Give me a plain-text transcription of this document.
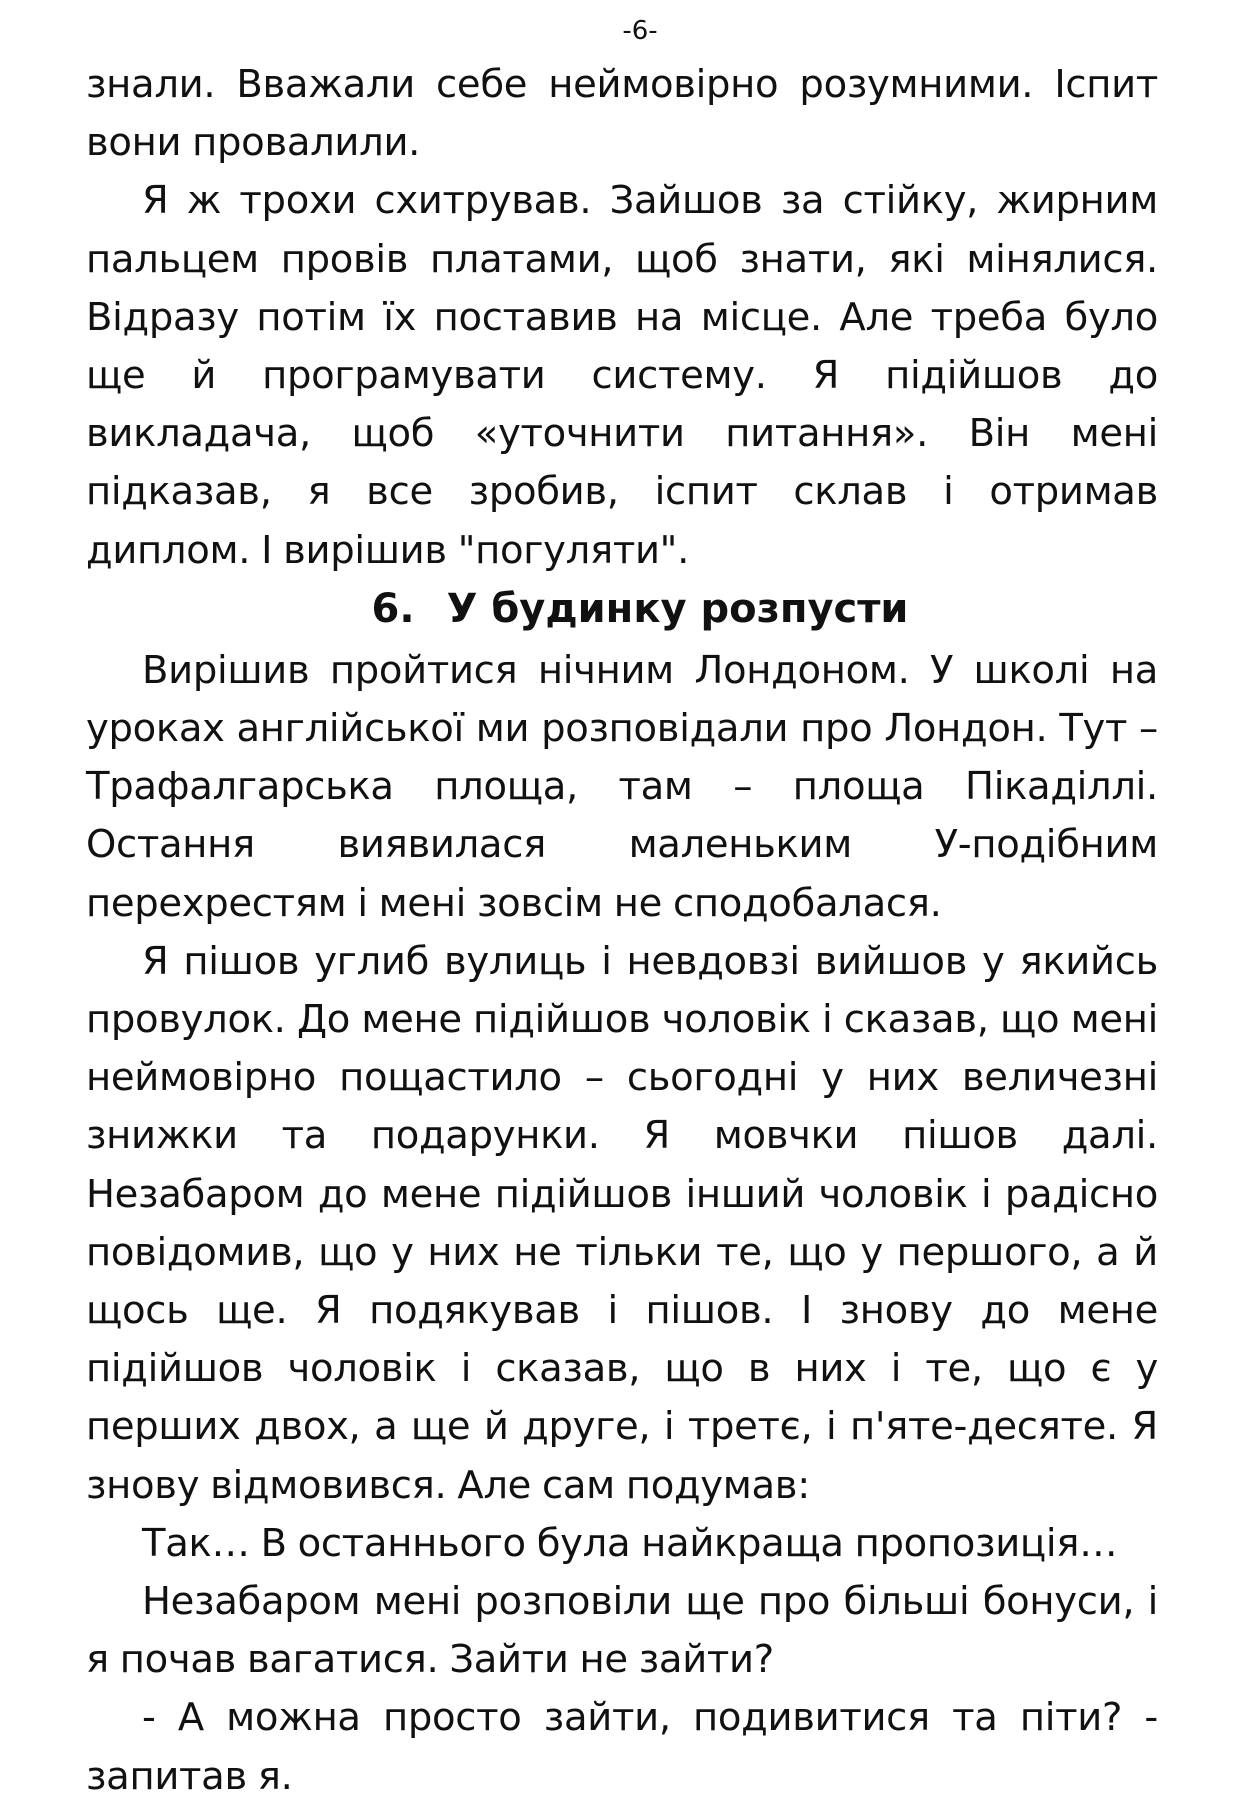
-6-

знали. Вважали себе неймовірно розумними. Іспит вони провалили.

Я ж трохи схитрував. Зайшов за стійку, жирним пальцем провів платами, щоб знати, які мінялися. Відразу потім їх поставив на місце. Але треба було ще й програмувати систему. Я підійшов до викладача, щоб «уточнити питання». Він мені підказав, я все зробив, іспит склав і отримав диплом. І вирішив "погуляти".

6. У будинку розпусти

Вирішив пройтися нічним Лондоном. У школі на уроках англійської ми розповідали про Лондон. Тут – Трафалгарська площа, там – площа Пікаділлі. Остання виявилася маленьким У-подібним перехрестям і мені зовсім не сподобалася.

Я пішов углиб вулиць і невдовзі вийшов у якийсь провулок. До мене підійшов чоловік і сказав, що мені неймовірно пощастило – сьогодні у них величезні знижки та подарунки. Я мовчки пішов далі. Незабаром до мене підійшов інший чоловік і радісно повідомив, що у них не тільки те, що у першого, а й щось ще. Я подякував і пішов. І знову до мене підійшов чоловік і сказав, що в них і те, що є у перших двох, а ще й друге, і третє, і п'яте-десяте. Я знову відмовився. Але сам подумав:

Так… В останнього була найкраща пропозиція…

Незабаром мені розповіли ще про більші бонуси, і я почав вагатися. Зайти не зайти?

- А можна просто зайти, подивитися та піти? - запитав я.
